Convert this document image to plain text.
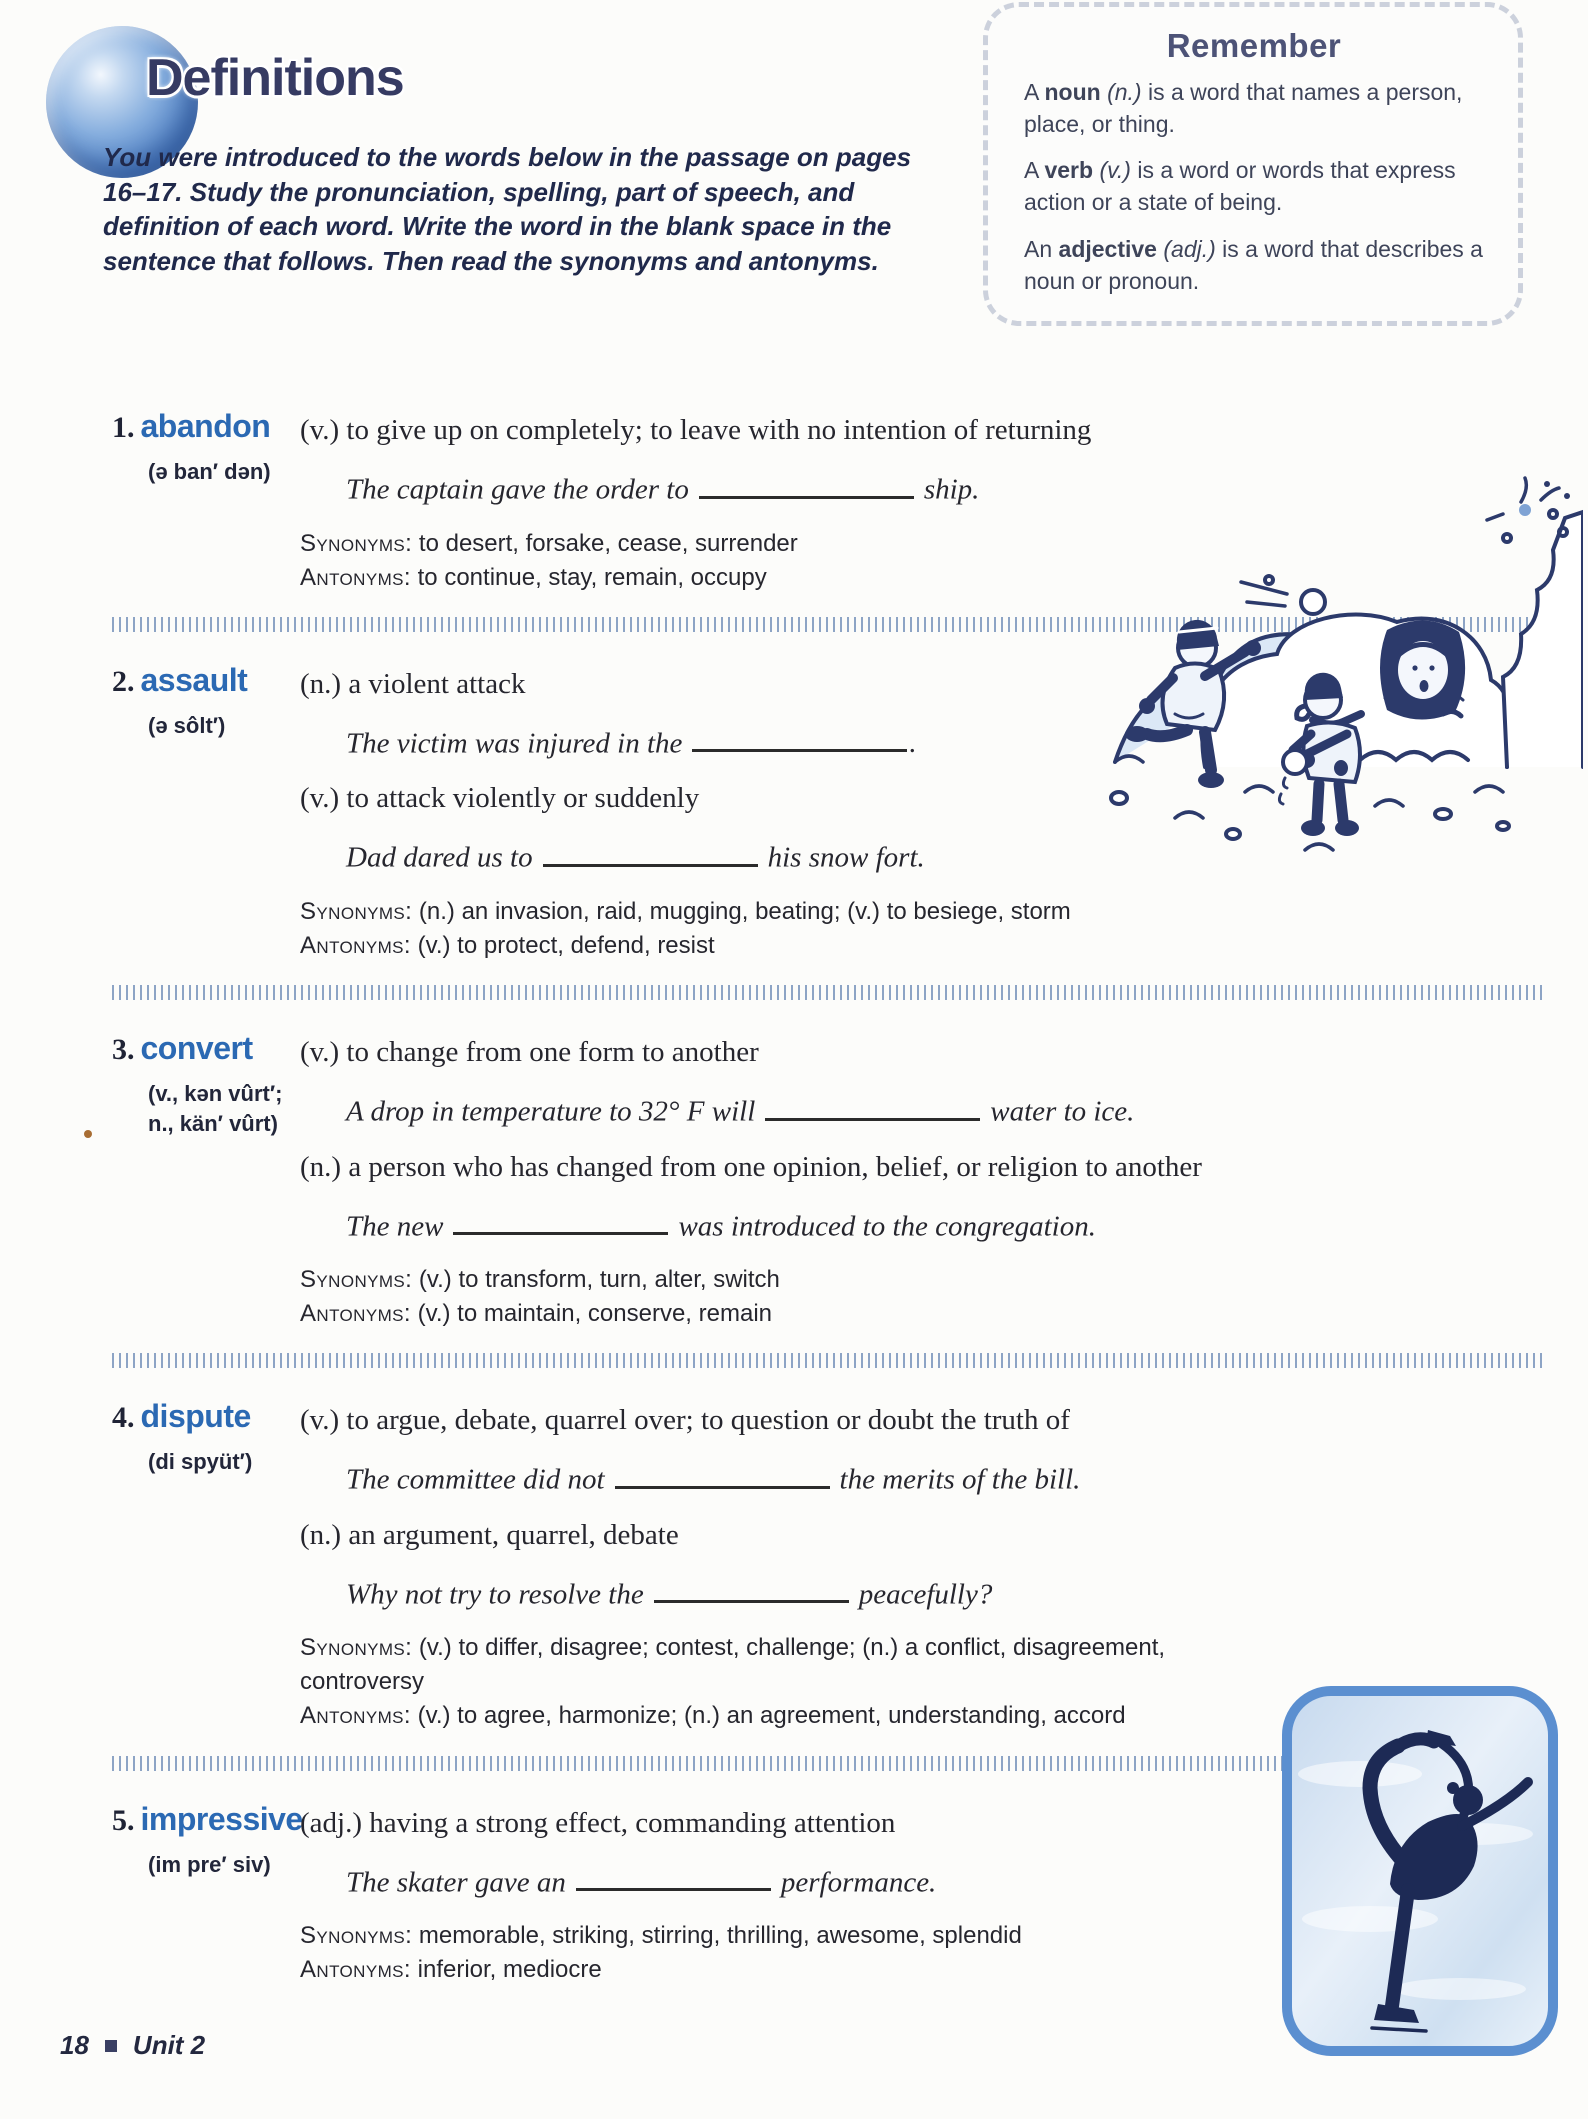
Definitions

You were introduced to the words below in the passage on pages 16–17. Study the pronunciation, spelling, part of speech, and definition of each word. Write the word in the blank space in the sentence that follows. Then read the synonyms and antonyms.

Remember

A noun (n.) is a word that names a person, place, or thing.

A verb (v.) is a word or words that express action or a state of being.

An adjective (adj.) is a word that describes a noun or pronoun.

1. abandon
(ə ban′ dən)

(v.) to give up on completely; to leave with no intention of returning

The captain gave the order to	ship.

Synonyms: to desert, forsake, cease, surrender

Antonyms: to continue, stay, remain, occupy

2. assault
(ə sôlt′)

(n.) a violent attack

The victim was injured in the	.

(v.) to attack violently or suddenly

Dad dared us to	his snow fort.

Synonyms: (n.) an invasion, raid, mugging, beating; (v.) to besiege, storm

Antonyms: (v.) to protect, defend, resist

3. convert
(v., kən vûrt′; n., kän′ vûrt)

(v.) to change from one form to another

A drop in temperature to 32° F will	water to ice.

(n.) a person who has changed from one opinion, belief, or religion to another

The new	was introduced to the congregation.

Synonyms: (v.) to transform, turn, alter, switch

Antonyms: (v.) to maintain, conserve, remain

4. dispute
(di spyüt′)

(v.) to argue, debate, quarrel over; to question or doubt the truth of

The committee did not	the merits of the bill.

(n.) an argument, quarrel, debate

Why not try to resolve the	peacefully?

Synonyms: (v.) to differ, disagree; contest, challenge; (n.) a conflict, disagreement, controversy

Antonyms: (v.) to agree, harmonize; (n.) an agreement, understanding, accord

5. impressive
(im pre′ siv)

(adj.) having a strong effect, commanding attention

The skater gave an	performance.

Synonyms: memorable, striking, stirring, thrilling, awesome, splendid

Antonyms: inferior, mediocre

18 Unit 2
